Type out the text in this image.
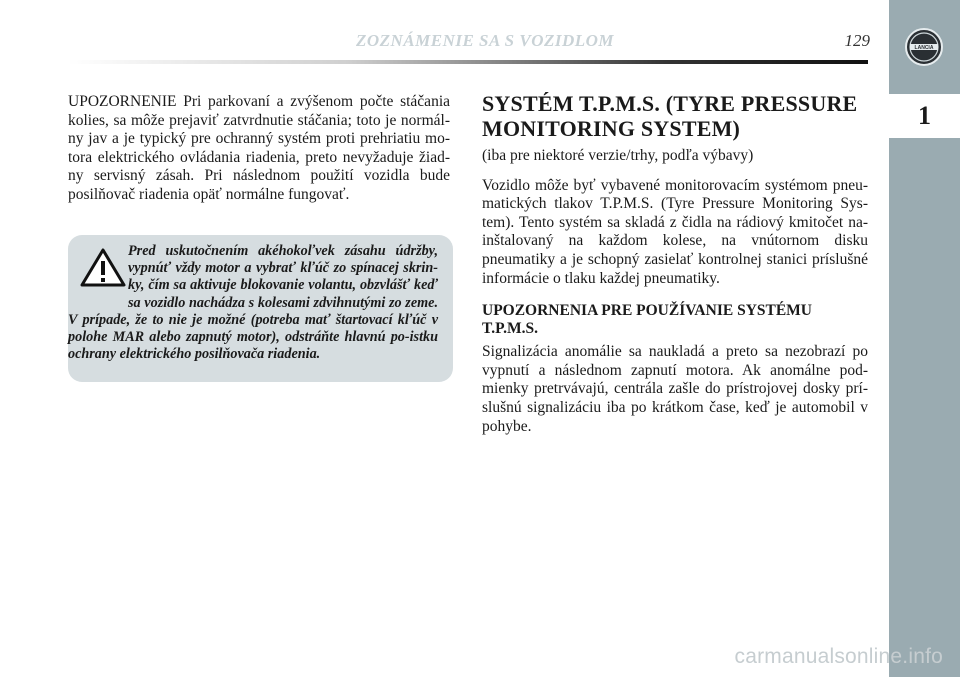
ZOZNÁMENIE SA S VOZIDLOM	129	LANCIA
1

UPOZORNENIE Pri parkovaní a zvýšenom počte stáčania kolies, sa môže prejaviť zatvrdnutie stáčania; toto je normál-ny jav a je typický pre ochranný systém proti prehriatiu mo-tora elektrického ovládania riadenia, preto nevyžaduje žiad-ny servisný zásah. Pri následnom použití vozidla bude posilňovač riadenia opäť normálne fungovať.

Pred uskutočnením akéhokoľvek zásahu údržby, vypnúť vždy motor a vybrať kľúč zo spínacej skrin-ky, čím sa aktivuje blokovanie volantu, obzvlášť keď sa vozidlo nachádza s kolesami zdvihnutými zo zeme. V prípade, že to nie je možné (potreba mať štartovací kľúč v polohe MAR alebo zapnutý motor), odstráňte hlavnú po-istku ochrany elektrického posilňovača riadenia.

SYSTÉM T.P.M.S. (TYRE PRESSURE MONITORING SYSTEM)

(iba pre niektoré verzie/trhy, podľa výbavy)

Vozidlo môže byť vybavené monitorovacím systémom pneu-matických tlakov T.P.M.S. (Tyre Pressure Monitoring Sys-tem). Tento systém sa skladá z čidla na rádiový kmitočet na-inštalovaný na každom kolese, na vnútornom disku pneumatiky a je schopný zasielať kontrolnej stanici príslušné informácie o tlaku každej pneumatiky.

UPOZORNENIA PRE POUŽÍVANIE SYSTÉMU T.P.M.S.

Signalizácia anomálie sa naukladá a preto sa nezobrazí po vypnutí a následnom zapnutí motora. Ak anomálne pod-mienky pretrvávajú, centrála zašle do prístrojovej dosky prí-slušnú signalizáciu iba po krátkom čase, keď je automobil v pohybe.

carmanualsonline.info
